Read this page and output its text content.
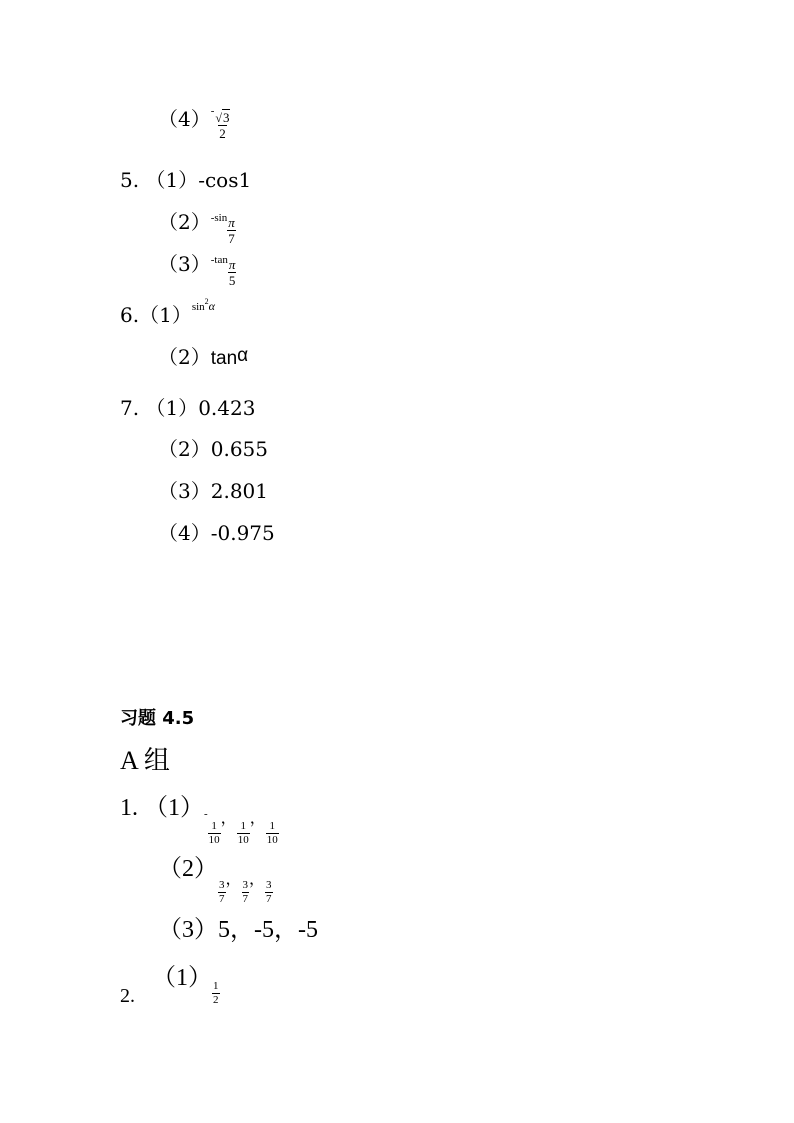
$(4)^- \frac{√3}{2}$
5. （1）-cos1
$(2)^{-sin} \frac{\pi}{7}$
$(3)^{-tan} \frac{\pi}{5}$
$6.(1)^{sin^2\alpha}$
（2）tanα
7. （1）0.423
（2）0.655
（3）2.801
（4）-0.975
习题 4.5
A 组
1. （1）-
$\frac{1}{10}$
$_,$
$\frac{1}{10}$
$_,$
$\frac{1}{10}$
（2）
$\frac{3}{7}$
$_,$
$\frac{3}{7}$
$_,$
$\frac{3}{7}$
（3）5，-5，-5
2.
（1）
$\frac{1}{2}$
